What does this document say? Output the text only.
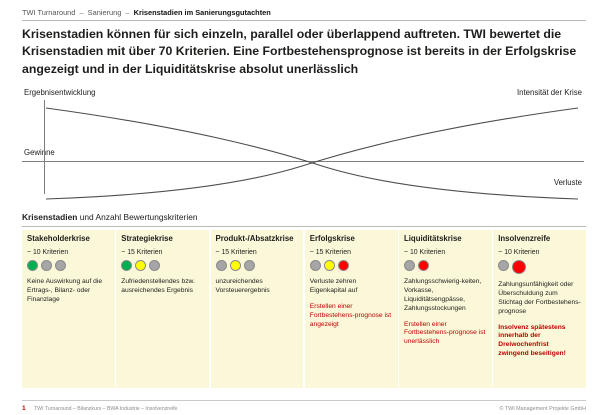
TWI Turnaround – Sanierung – Krisenstadien im Sanierungsgutachten
Krisenstadien können für sich einzeln, parallel oder überlappend auftreten. TWI bewertet die Krisenstadien mit über 70 Kriterien. Eine Fortbestehensprognose ist bereits in der Erfolgskrise angezeigt und in der Liquiditätskrise absolut unerlässlich
Ergebnisentwicklung	Intensität der Krise
Gewinne
Verluste
Krisenstadien und Anzahl Bewertungskriterien
Stakeholderkrise
~ 10 Kriterien
Keine Auswirkung auf die Ertrags-, Bilanz- oder Finanzlage
Strategiekrise
~ 15 Kriterien
Zufriedenstellendes bzw. ausreichendes Ergebnis
Produkt-/Absatzkrise
~ 15 Kriterien
unzureichendes Vorsteuerergebnis
Erfolgskrise
~ 15 Kriterien
Verluste zehren Eigenkapital auf
Erstellen einer Fortbestehens-prognose ist angezeigt
Liquiditätskrise
~ 10 Kriterien
Zahlungsschwierig-keiten, Vorkasse, Liquiditätsengpässe, Zahlungsstockungen
Erstellen einer Fortbestehens-prognose ist unerlässlich
Insolvenzreife
~ 10 Kriterien
Zahlungsunfähigkeit oder Überschuldung zum Stichtag der Fortbestehens-prognose
Insolvenz spätestens innerhalb der Dreiwochenfrist zwingend beseitigen!
1 TWI Turnaround – Bilanzkurs – BWA Industrie – Insolvenzreife	© TWI Management Projekte GmbH
